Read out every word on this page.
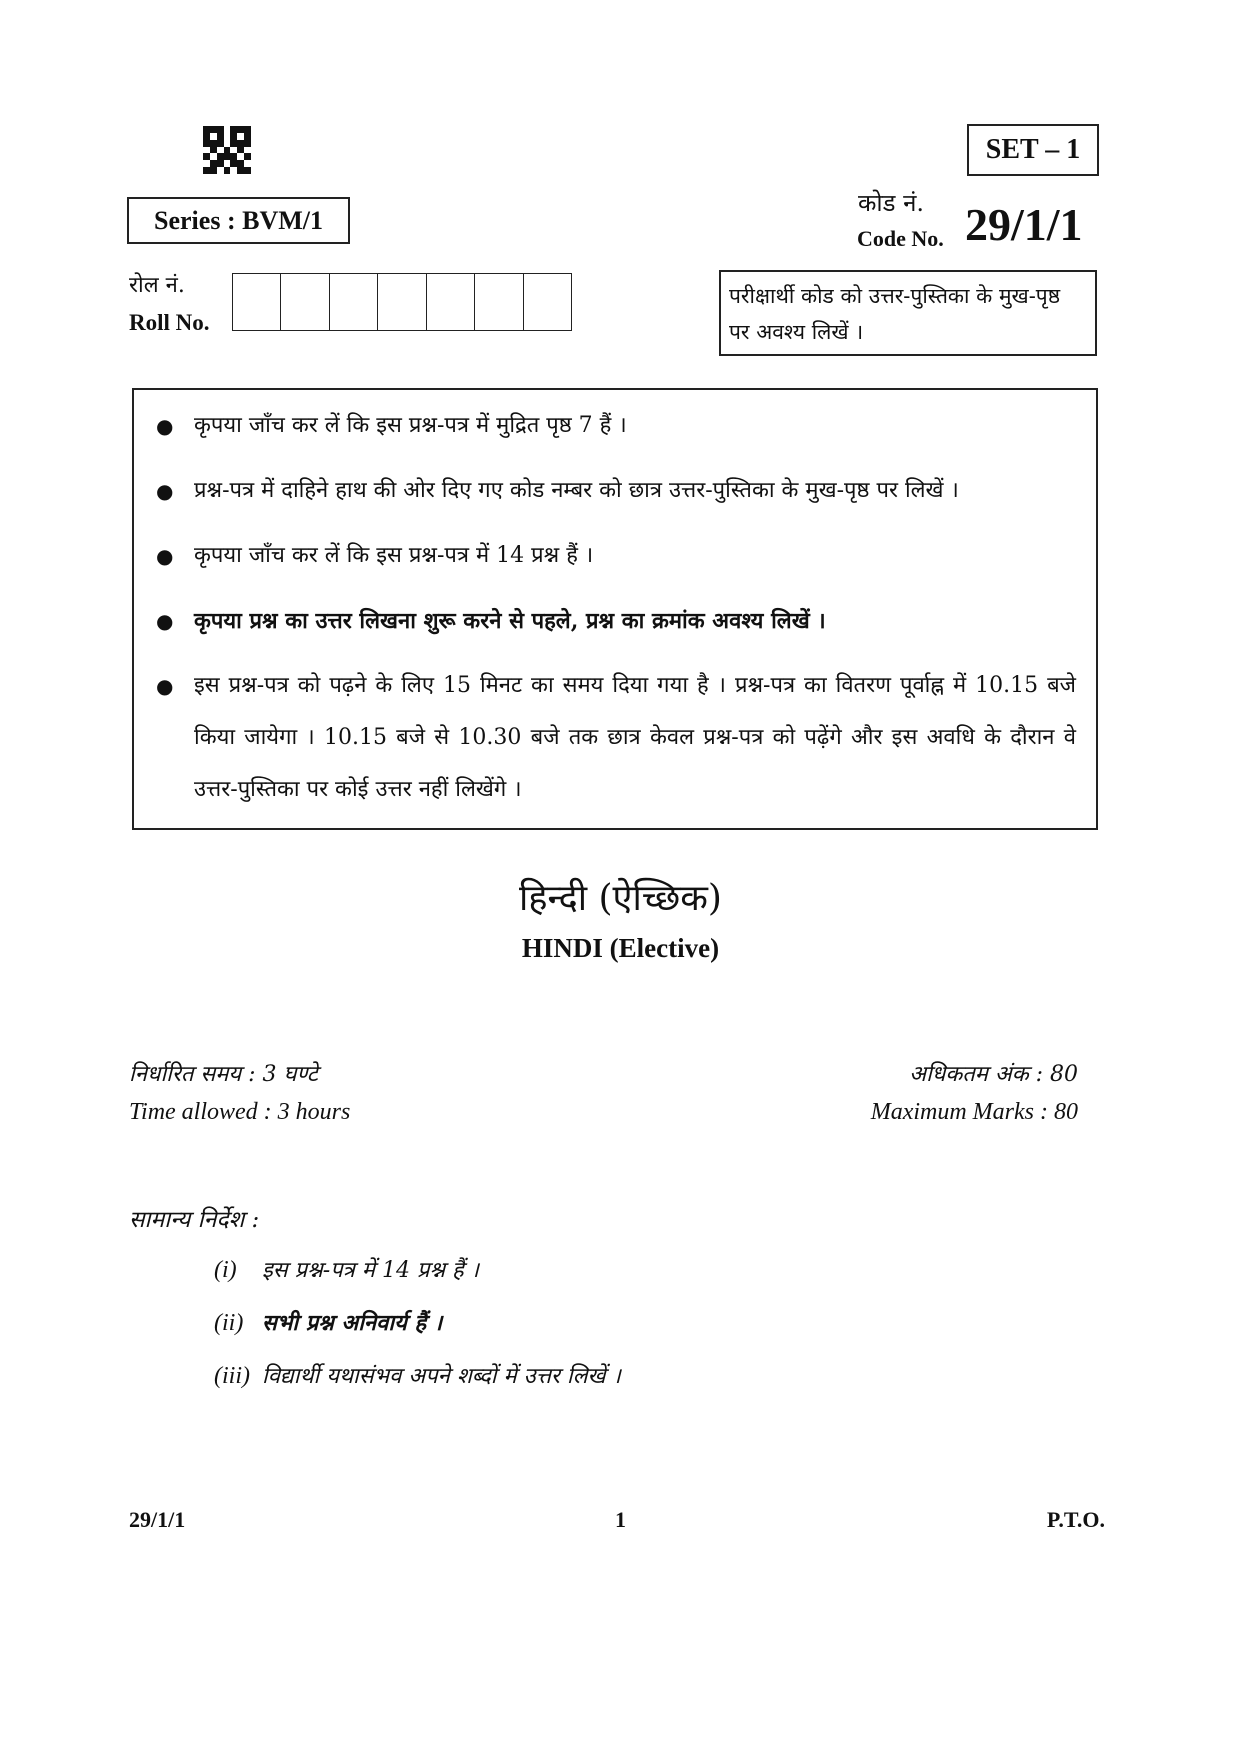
SET – 1
Series : BVM/1
कोड नं.
Code No. 29/1/1
रोल नं.
Roll No.
परीक्षार्थी कोड को उत्तर-पुस्तिका के मुख-पृष्ठ पर अवश्य लिखें ।
● कृपया जाँच कर लें कि इस प्रश्न-पत्र में मुद्रित पृष्ठ 7 हैं ।
● प्रश्न-पत्र में दाहिने हाथ की ओर दिए गए कोड नम्बर को छात्र उत्तर-पुस्तिका के मुख-पृष्ठ पर लिखें ।
● कृपया जाँच कर लें कि इस प्रश्न-पत्र में 14 प्रश्न हैं ।
● कृपया प्रश्न का उत्तर लिखना शुरू करने से पहले, प्रश्न का क्रमांक अवश्य लिखें ।
● इस प्रश्न-पत्र को पढ़ने के लिए 15 मिनट का समय दिया गया है । प्रश्न-पत्र का वितरण पूर्वाह्न में 10.15 बजे किया जायेगा । 10.15 बजे से 10.30 बजे तक छात्र केवल प्रश्न-पत्र को पढ़ेंगे और इस अवधि के दौरान वे उत्तर-पुस्तिका पर कोई उत्तर नहीं लिखेंगे ।
हिन्दी (ऐच्छिक)
HINDI (Elective)
निर्धारित समय : 3 घण्टे
Time allowed : 3 hours
अधिकतम अंक : 80
Maximum Marks : 80
सामान्य निर्देश :
(i) इस प्रश्न-पत्र में 14 प्रश्न हैं ।
(ii) सभी प्रश्न अनिवार्य हैं ।
(iii) विद्यार्थी यथासंभव अपने शब्दों में उत्तर लिखें ।
29/1/1	1	P.T.O.
